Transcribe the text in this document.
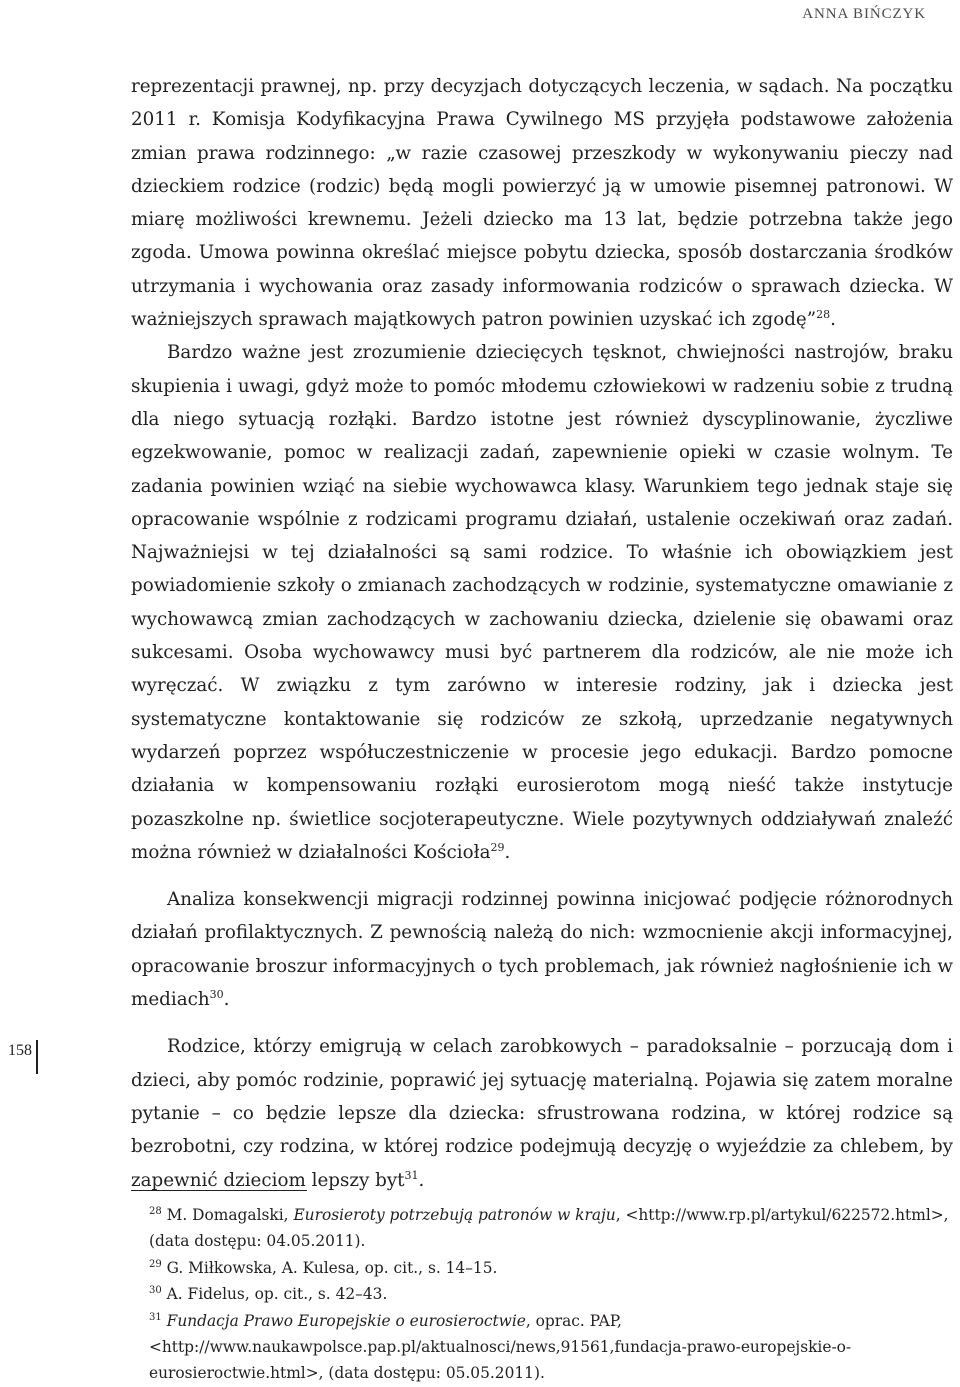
ANNA BIŃCZYK

reprezentacji prawnej, np. przy decyzjach dotyczących leczenia, w sądach. Na początku 2011 r. Komisja Kodyfikacyjna Prawa Cywilnego MS przyjęła podstawowe założenia zmian prawa rodzinnego: „w razie czasowej przeszkody w wykonywaniu pieczy nad dzieckiem rodzice (rodzic) będą mogli powierzyć ją w umowie pisemnej patronowi. W miarę możliwości krewnemu. Jeżeli dziecko ma 13 lat, będzie potrzebna także jego zgoda. Umowa powinna określać miejsce pobytu dziecka, sposób dostarczania środków utrzymania i wychowania oraz zasady informowania rodziców o sprawach dziecka. W ważniejszych sprawach majątkowych patron powinien uzyskać ich zgodę”$^{28}$.

Bardzo ważne jest zrozumienie dziecięcych tęsknot, chwiejności nastrojów, braku skupienia i uwagi, gdyż może to pomóc młodemu człowiekowi w radzeniu sobie z trudną dla niego sytuacją rozłąki. Bardzo istotne jest również dyscyplinowanie, życzliwe egzekwowanie, pomoc w realizacji zadań, zapewnienie opieki w czasie wolnym. Te zadania powinien wziąć na siebie wychowawca klasy. Warunkiem tego jednak staje się opracowanie wspólnie z rodzicami programu działań, ustalenie oczekiwań oraz zadań. Najważniejsi w tej działalności są sami rodzice. To właśnie ich obowiązkiem jest powiadomienie szkoły o zmianach zachodzących w rodzinie, systematyczne omawianie z wychowawcą zmian zachodzących w zachowaniu dziecka, dzielenie się obawami oraz sukcesami. Osoba wychowawcy musi być partnerem dla rodziców, ale nie może ich wyręczać. W związku z tym zarówno w interesie rodziny, jak i dziecka jest systematyczne kontaktowanie się rodziców ze szkołą, uprzedzanie negatywnych wydarzeń poprzez współuczestniczenie w procesie jego edukacji. Bardzo pomocne działania w kompensowaniu rozłąki eurosierotom mogą nieść także instytucje pozaszkolne np. świetlice socjoterapeutyczne. Wiele pozytywnych oddziaływań znaleźć można również w działalności Kościoła$^{29}$.

Analiza konsekwencji migracji rodzinnej powinna inicjować podjęcie różnorodnych działań profilaktycznych. Z pewnością należą do nich: wzmocnienie akcji informacyjnej, opracowanie broszur informacyjnych o tych problemach, jak również nagłośnienie ich w mediach$^{30}$.

Rodzice, którzy emigrują w celach zarobkowych – paradoksalnie – porzucają dom i dzieci, aby pomóc rodzinie, poprawić jej sytuację materialną. Pojawia się zatem moralne pytanie – co będzie lepsze dla dziecka: sfrustrowana rodzina, w której rodzice są bezrobotni, czy rodzina, w której rodzice podejmują decyzję o wyjeździe za chlebem, by zapewnić dzieciom lepszy byt$^{31}$.

158

$^{28}$ M. Domagalski, Eurosieroty potrzebują patronów w kraju, <http://www.rp.pl/artykul/622572.html>, (data dostępu: 04.05.2011).

$^{29}$ G. Miłkowska, A. Kulesa, op. cit., s. 14–15.

$^{30}$ A. Fidelus, op. cit., s. 42–43.

$^{31}$ Fundacja Prawo Europejskie o eurosieroctwie, oprac. PAP, <http://www.naukawpolsce.pap.pl/aktualnosci/news,91561,fundacja-prawo-europejskie-o-eurosieroctwie.html>, (data dostępu: 05.05.2011).
